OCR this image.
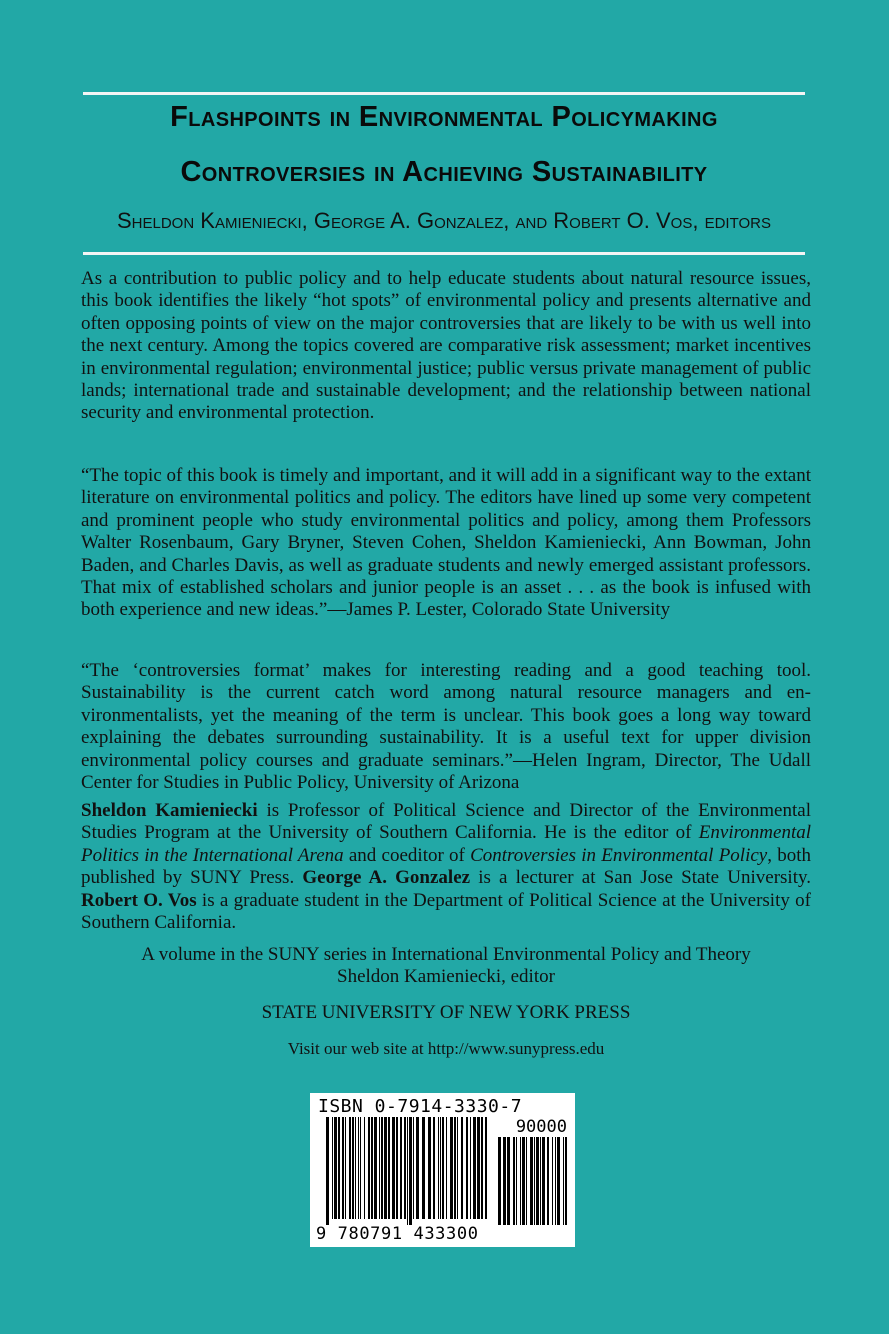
Flashpoints in Environmental Policymaking
Controversies in Achieving Sustainability
Sheldon Kamieniecki, George A. Gonzalez, and Robert O. Vos, editors

As a contribution to public policy and to help educate students about natural resource issues, this book identifies the likely “hot spots” of environmental policy and presents alternative and often opposing points of view on the major controversies that are likely to be with us well into the next century. Among the topics covered are comparative risk assessment; market incentives in environmental regulation; environmental justice; public versus private management of public lands; international trade and sustainable development; and the relationship between national security and environmental protection.

“The topic of this book is timely and important, and it will add in a significant way to the extant literature on environmental politics and policy. The editors have lined up some very competent and prominent people who study environmental politics and policy, among them Professors Walter Rosenbaum, Gary Bryner, Steven Cohen, Sheldon Kamieniecki, Ann Bowman, John Baden, and Charles Davis, as well as graduate students and newly emerged assistant professors. That mix of established scholars and junior people is an asset . . . as the book is infused with both experience and new ideas.”—James P. Lester, Colorado State University

“The ‘controversies format’ makes for interesting reading and a good teaching tool. Sustainability is the current catch word among natural resource managers and environmentalists, yet the meaning of the term is unclear. This book goes a long way toward explaining the debates surrounding sustainability. It is a useful text for upper division environmental policy courses and graduate seminars.”—Helen Ingram, Director, The Udall Center for Studies in Public Policy, University of Arizona

Sheldon Kamieniecki is Professor of Political Science and Director of the Environmental Studies Program at the University of Southern California. He is the editor of Environmental Politics in the International Arena and coeditor of Controversies in Environmental Policy, both published by SUNY Press. George A. Gonzalez is a lecturer at San Jose State University. Robert O. Vos is a graduate student in the Department of Political Science at the University of Southern California.

A volume in the SUNY series in International Environmental Policy and Theory

Sheldon Kamieniecki, editor

STATE UNIVERSITY OF NEW YORK PRESS

Visit our web site at http://www.sunypress.edu

ISBN 0-7914-3330-7
90000
9 780791 433300
